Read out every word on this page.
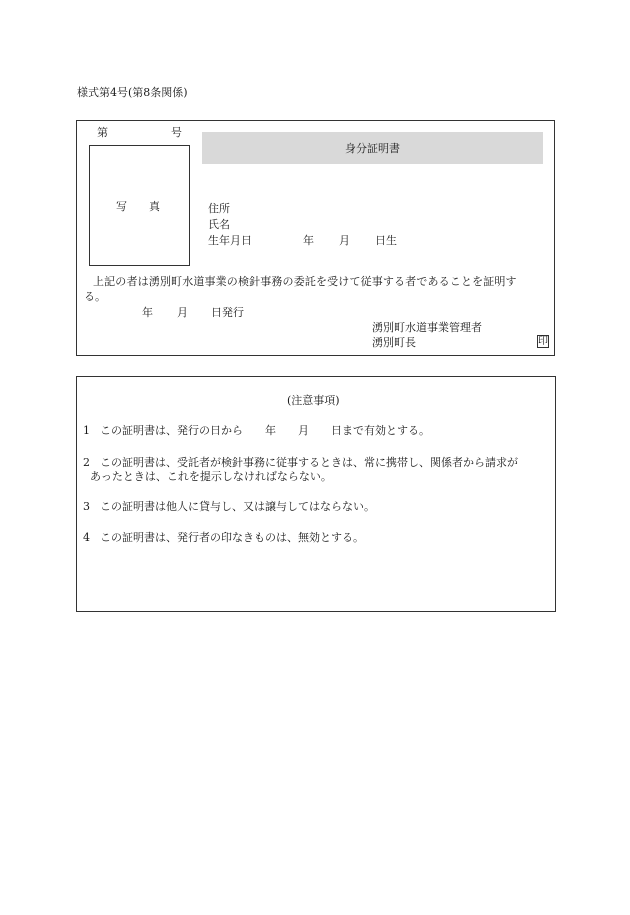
様式第4号(第8条関係)
第	号
写　　真
身分証明書
住所
氏名
生年月日	年 月 日生
上記の者は湧別町水道事業の検針事務の委託を受けて従事する者であることを証明す
る。
年 月 日発行
湧別町水道事業管理者
湧別町長	印
(注意事項)
1 この証明書は、発行の日から　　年　　月　　日まで有効とする。
2 この証明書は、受託者が検針事務に従事するときは、常に携帯し、関係者から請求が
あったときは、これを提示しなければならない。
3 この証明書は他人に貸与し、又は譲与してはならない。
4 この証明書は、発行者の印なきものは、無効とする。
